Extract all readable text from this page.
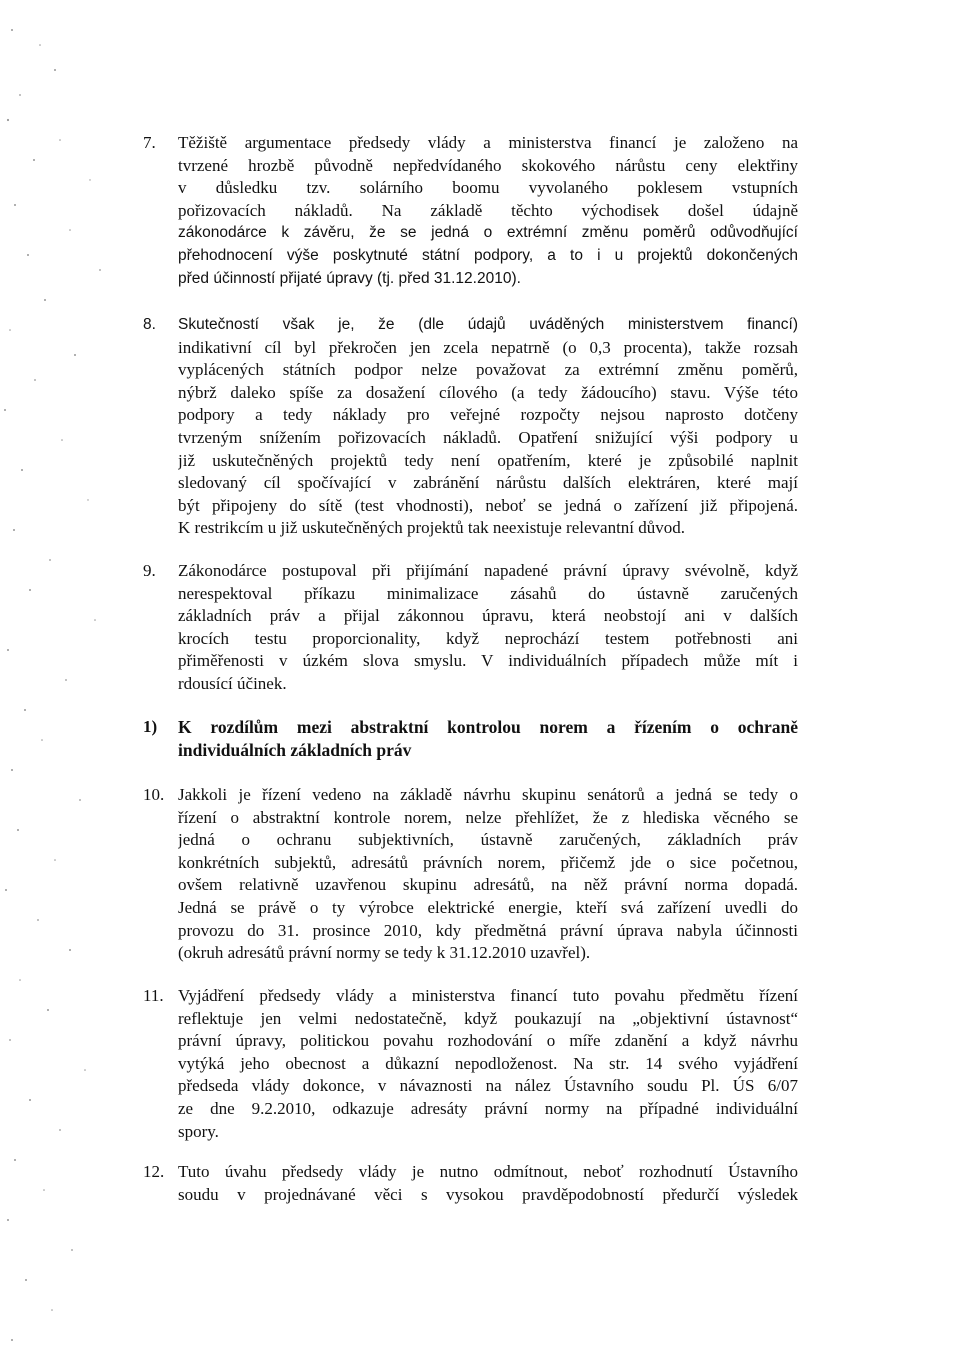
7. Těžiště argumentace předsedy vlády a ministerstva financí je založeno na
tvrzené hrozbě původně nepředvídaného skokového nárůstu ceny elektřiny
v důsledku tzv. solárního boomu vyvolaného poklesem vstupních
pořizovacích nákladů. Na základě těchto východisek došel údajně
zákonodárce k závěru, že se jedná o extrémní změnu poměrů odůvodňující
přehodnocení výše poskytnuté státní podpory, a to i u projektů dokončených
před účinností přijaté úpravy (tj. před 31.12.2010).
8. Skutečností však je, že (dle údajů uváděných ministerstvem financí)
indikativní cíl byl překročen jen zcela nepatrně (o 0,3 procenta), takže rozsah
vyplácených státních podpor nelze považovat za extrémní změnu poměrů,
nýbrž daleko spíše za dosažení cílového (a tedy žádoucího) stavu. Výše této
podpory a tedy náklady pro veřejné rozpočty nejsou naprosto dotčeny
tvrzeným snížením pořizovacích nákladů. Opatření snižující výši podpory u
již uskutečněných projektů tedy není opatřením, které je způsobilé naplnit
sledovaný cíl spočívající v zabránění nárůstu dalších elektráren, které mají
být připojeny do sítě (test vhodnosti), neboť se jedná o zařízení již připojená.
K restrikcím u již uskutečněných projektů tak neexistuje relevantní důvod.
9. Zákonodárce postupoval při přijímání napadené právní úpravy svévolně, když
nerespektoval příkazu minimalizace zásahů do ústavně zaručených
základních práv a přijal zákonnou úpravu, která neobstojí ani v dalších
krocích testu proporcionality, když neprochází testem potřebnosti ani
přiměřenosti v úzkém slova smyslu. V individuálních případech může mít i
rdousící účinek.
1) K rozdílům mezi abstraktní kontrolou norem a řízením o ochraně
individuálních základních práv
10. Jakkoli je řízení vedeno na základě návrhu skupinu senátorů a jedná se tedy o
řízení o abstraktní kontrole norem, nelze přehlížet, že z hlediska věcného se
jedná o ochranu subjektivních, ústavně zaručených, základních práv
konkrétních subjektů, adresátů právních norem, přičemž jde o sice početnou,
ovšem relativně uzavřenou skupinu adresátů, na něž právní norma dopadá.
Jedná se právě o ty výrobce elektrické energie, kteří svá zařízení uvedli do
provozu do 31. prosince 2010, kdy předmětná právní úprava nabyla účinnosti
(okruh adresátů právní normy se tedy k 31.12.2010 uzavřel).
11. Vyjádření předsedy vlády a ministerstva financí tuto povahu předmětu řízení
reflektuje jen velmi nedostatečně, když poukazují na „objektivní ústavnost“
právní úpravy, politickou povahu rozhodování o míře zdanění a když návrhu
vytýká jeho obecnost a důkazní nepodloženost. Na str. 14 svého vyjádření
předseda vlády dokonce, v návaznosti na nález Ústavního soudu Pl. ÚS 6/07
ze dne 9.2.2010, odkazuje adresáty právní normy na případné individuální
spory.
12. Tuto úvahu předsedy vlády je nutno odmítnout, neboť rozhodnutí Ústavního
soudu v projednávané věci s vysokou pravděpodobností předurčí výsledek
